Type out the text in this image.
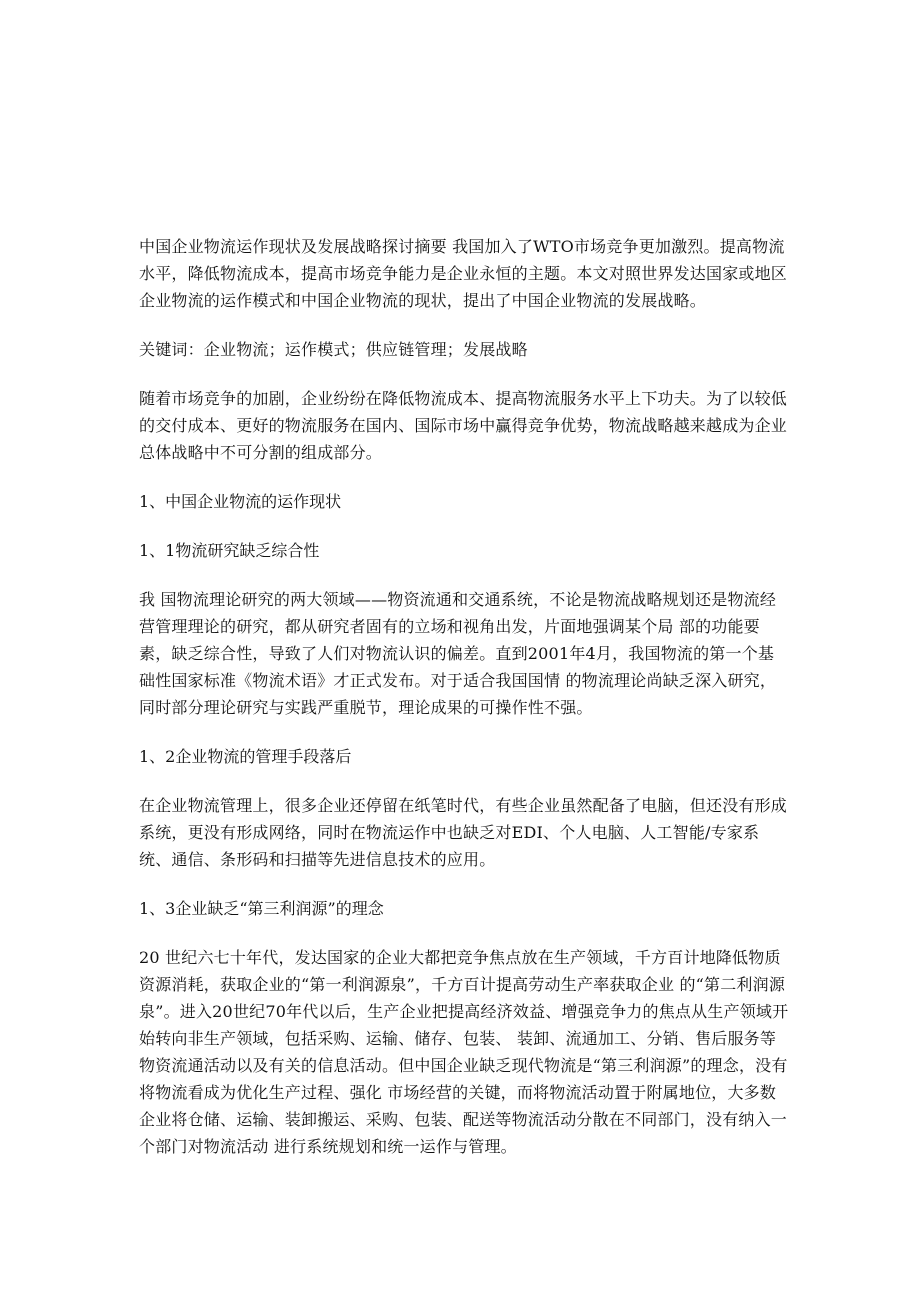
中国企业物流运作现状及发展战略探讨摘要 我国加入了WTO市场竞争更加激烈。提高物流水平，降低物流成本，提高市场竞争能力是企业永恒的主题。本文对照世界发达国家或地区企业物流的运作模式和中国企业物流的现状，提出了中国企业物流的发展战略。

关键词：企业物流；运作模式；供应链管理；发展战略

随着市场竞争的加剧，企业纷纷在降低物流成本、提高物流服务水平上下功夫。为了以较低的交付成本、更好的物流服务在国内、国际市场中赢得竞争优势，物流战略越来越成为企业总体战略中不可分割的组成部分。

1、中国企业物流的运作现状

1、1物流研究缺乏综合性

我 国物流理论研究的两大领域——物资流通和交通系统，不论是物流战略规划还是物流经营管理理论的研究，都从研究者固有的立场和视角出发，片面地强调某个局 部的功能要素，缺乏综合性，导致了人们对物流认识的偏差。直到2001年4月，我国物流的第一个基础性国家标准《物流术语》才正式发布。对于适合我国国情 的物流理论尚缺乏深入研究，同时部分理论研究与实践严重脱节，理论成果的可操作性不强。

1、2企业物流的管理手段落后

在企业物流管理上，很多企业还停留在纸笔时代，有些企业虽然配备了电脑，但还没有形成系统，更没有形成网络，同时在物流运作中也缺乏对EDI、个人电脑、人工智能/专家系统、通信、条形码和扫描等先进信息技术的应用。

1、3企业缺乏“第三利润源”的理念

20 世纪六七十年代，发达国家的企业大都把竞争焦点放在生产领域，千方百计地降低物质资源消耗，获取企业的“第一利润源泉”，千方百计提高劳动生产率获取企业 的“第二利润源泉”。进入20世纪70年代以后，生产企业把提高经济效益、增强竞争力的焦点从生产领域开始转向非生产领域，包括采购、运输、储存、包装、 装卸、流通加工、分销、售后服务等物资流通活动以及有关的信息活动。但中国企业缺乏现代物流是“第三利润源”的理念，没有将物流看成为优化生产过程、强化 市场经营的关键，而将物流活动置于附属地位，大多数企业将仓储、运输、装卸搬运、采购、包装、配送等物流活动分散在不同部门，没有纳入一个部门对物流活动 进行系统规划和统一运作与管理。
